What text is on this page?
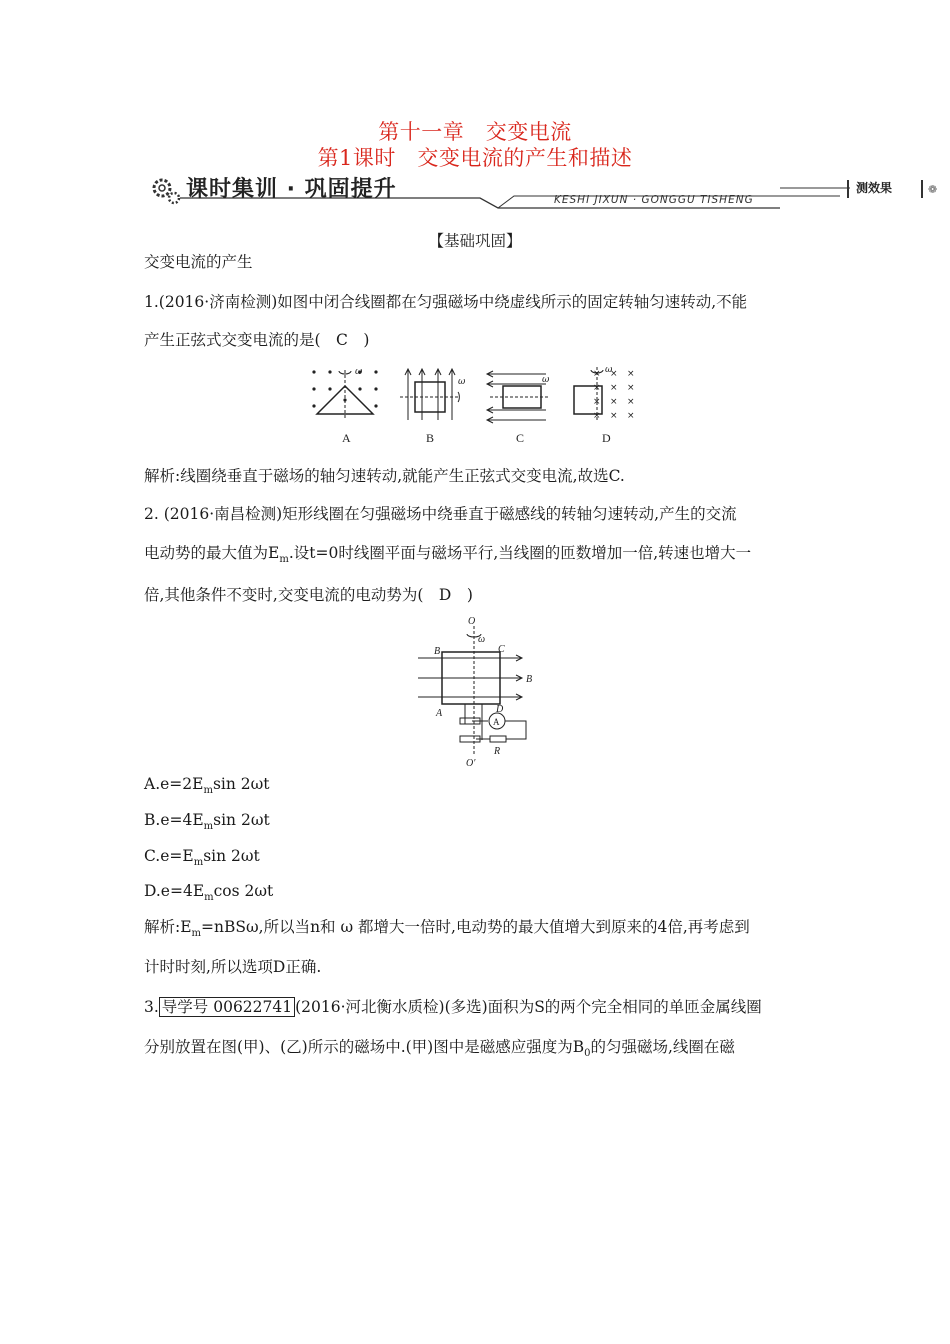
第十一章　交变电流
第1课时　交变电流的产生和描述
❁
课时集训 · 巩固提升	KESHI JIXUN · GONGGU TISHENG
测效果
【基础巩固】
交变电流的产生
1.(2016·济南检测)如图中闭合线圈都在匀强磁场中绕虚线所示的固定转轴匀速转动,不能
产生正弦式交变电流的是(　C　)
ω
ω	ω
× × ×
× × ×
× × ×
× × ×
ω
A	B	C	D
解析:线圈绕垂直于磁场的轴匀速转动,就能产生正弦式交变电流,故选C.
2. (2016·南昌检测)矩形线圈在匀强磁场中绕垂直于磁感线的转轴匀速转动,产生的交流
电动势的最大值为$E_m$.设t=0时线圈平面与磁场平行,当线圈的匝数增加一倍,转速也增大一
倍,其他条件不变时,交变电流的电动势为(　D　)
O
ω
B	C
B
A	D
R
O′
A
$A.e=2E_m\sin$ 2ωt
$B.e=4E_m\sin$ 2ωt
$C.e=E_m\sin$ 2ωt
$D.e=4E_m\cos$ 2ωt
解析$:E_m=nBS\omega$,所以当n和 ω 都增大一倍时,电动势的最大值增大到原来的4倍,再考虑到
计时时刻,所以选项D正确.
3. 导学号 00622741 (2016·河北衡水质检)(多选)面积为S的两个完全相同的单匝金属线圈
分别放置在图(甲)、(乙)所示的磁场中.(甲)图中是磁感应强度为$B_0$的匀强磁场,线圈在磁
